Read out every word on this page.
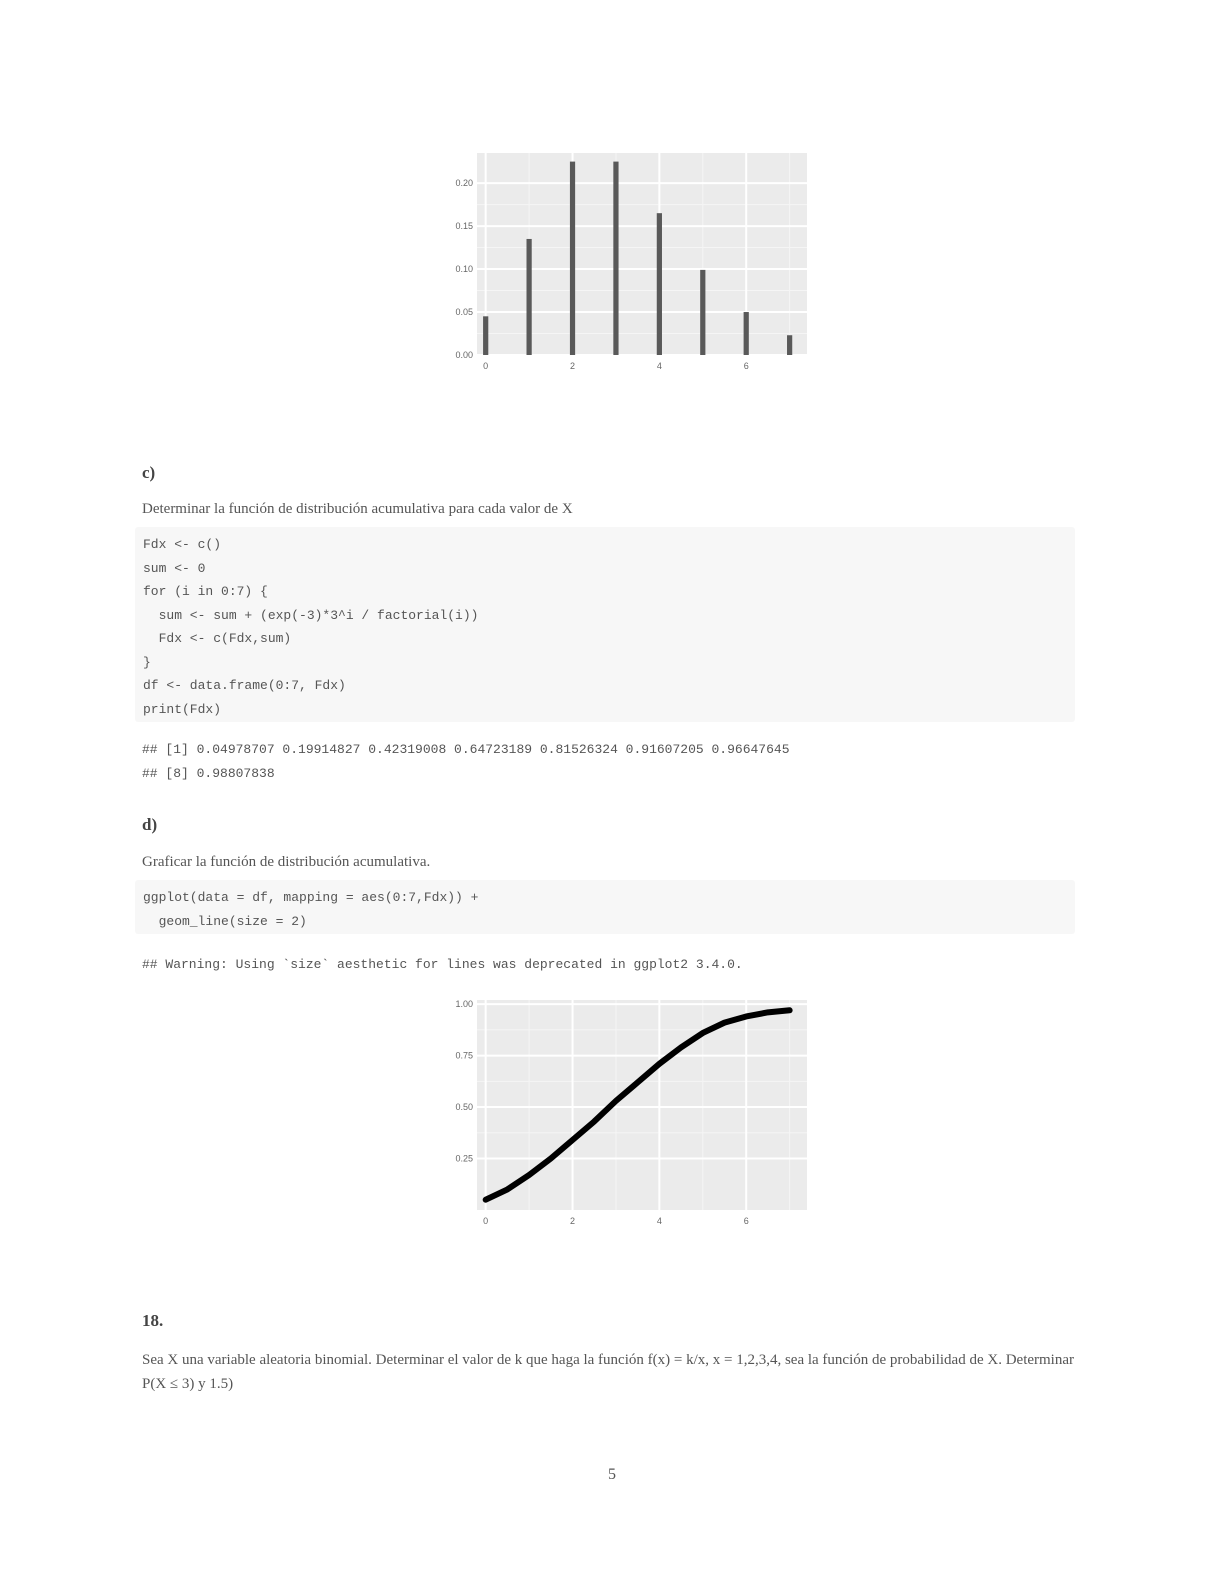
0	2	4	6
0.00
0.05
0.10
0.15
0.20
c)
Determinar la función de distribución acumulativa para cada valor de X
Fdx <- c()
sum <- 0
for (i in 0:7) {
sum <- sum + (exp(-3)*3^i / factorial(i))
Fdx <- c(Fdx,sum)
}
df <- data.frame(0:7, Fdx)
print(Fdx)
## [1] 0.04978707 0.19914827 0.42319008 0.64723189 0.81526324 0.91607205 0.96647645
## [8] 0.98807838
d)
Graficar la función de distribución acumulativa.
ggplot(data = df, mapping = aes(0:7,Fdx)) +
geom_line(size = 2)
## Warning: Using `size` aesthetic for lines was deprecated in ggplot2 3.4.0.
0	2	4	6
0.25
0.50
0.75
1.00
18.
Sea X una variable aleatoria binomial. Determinar el valor de k que haga la función f(x) = k/x, x = 1,2,3,4, sea la función de probabilidad de X. Determinar P(X ≤ 3) y 1.5)
5
